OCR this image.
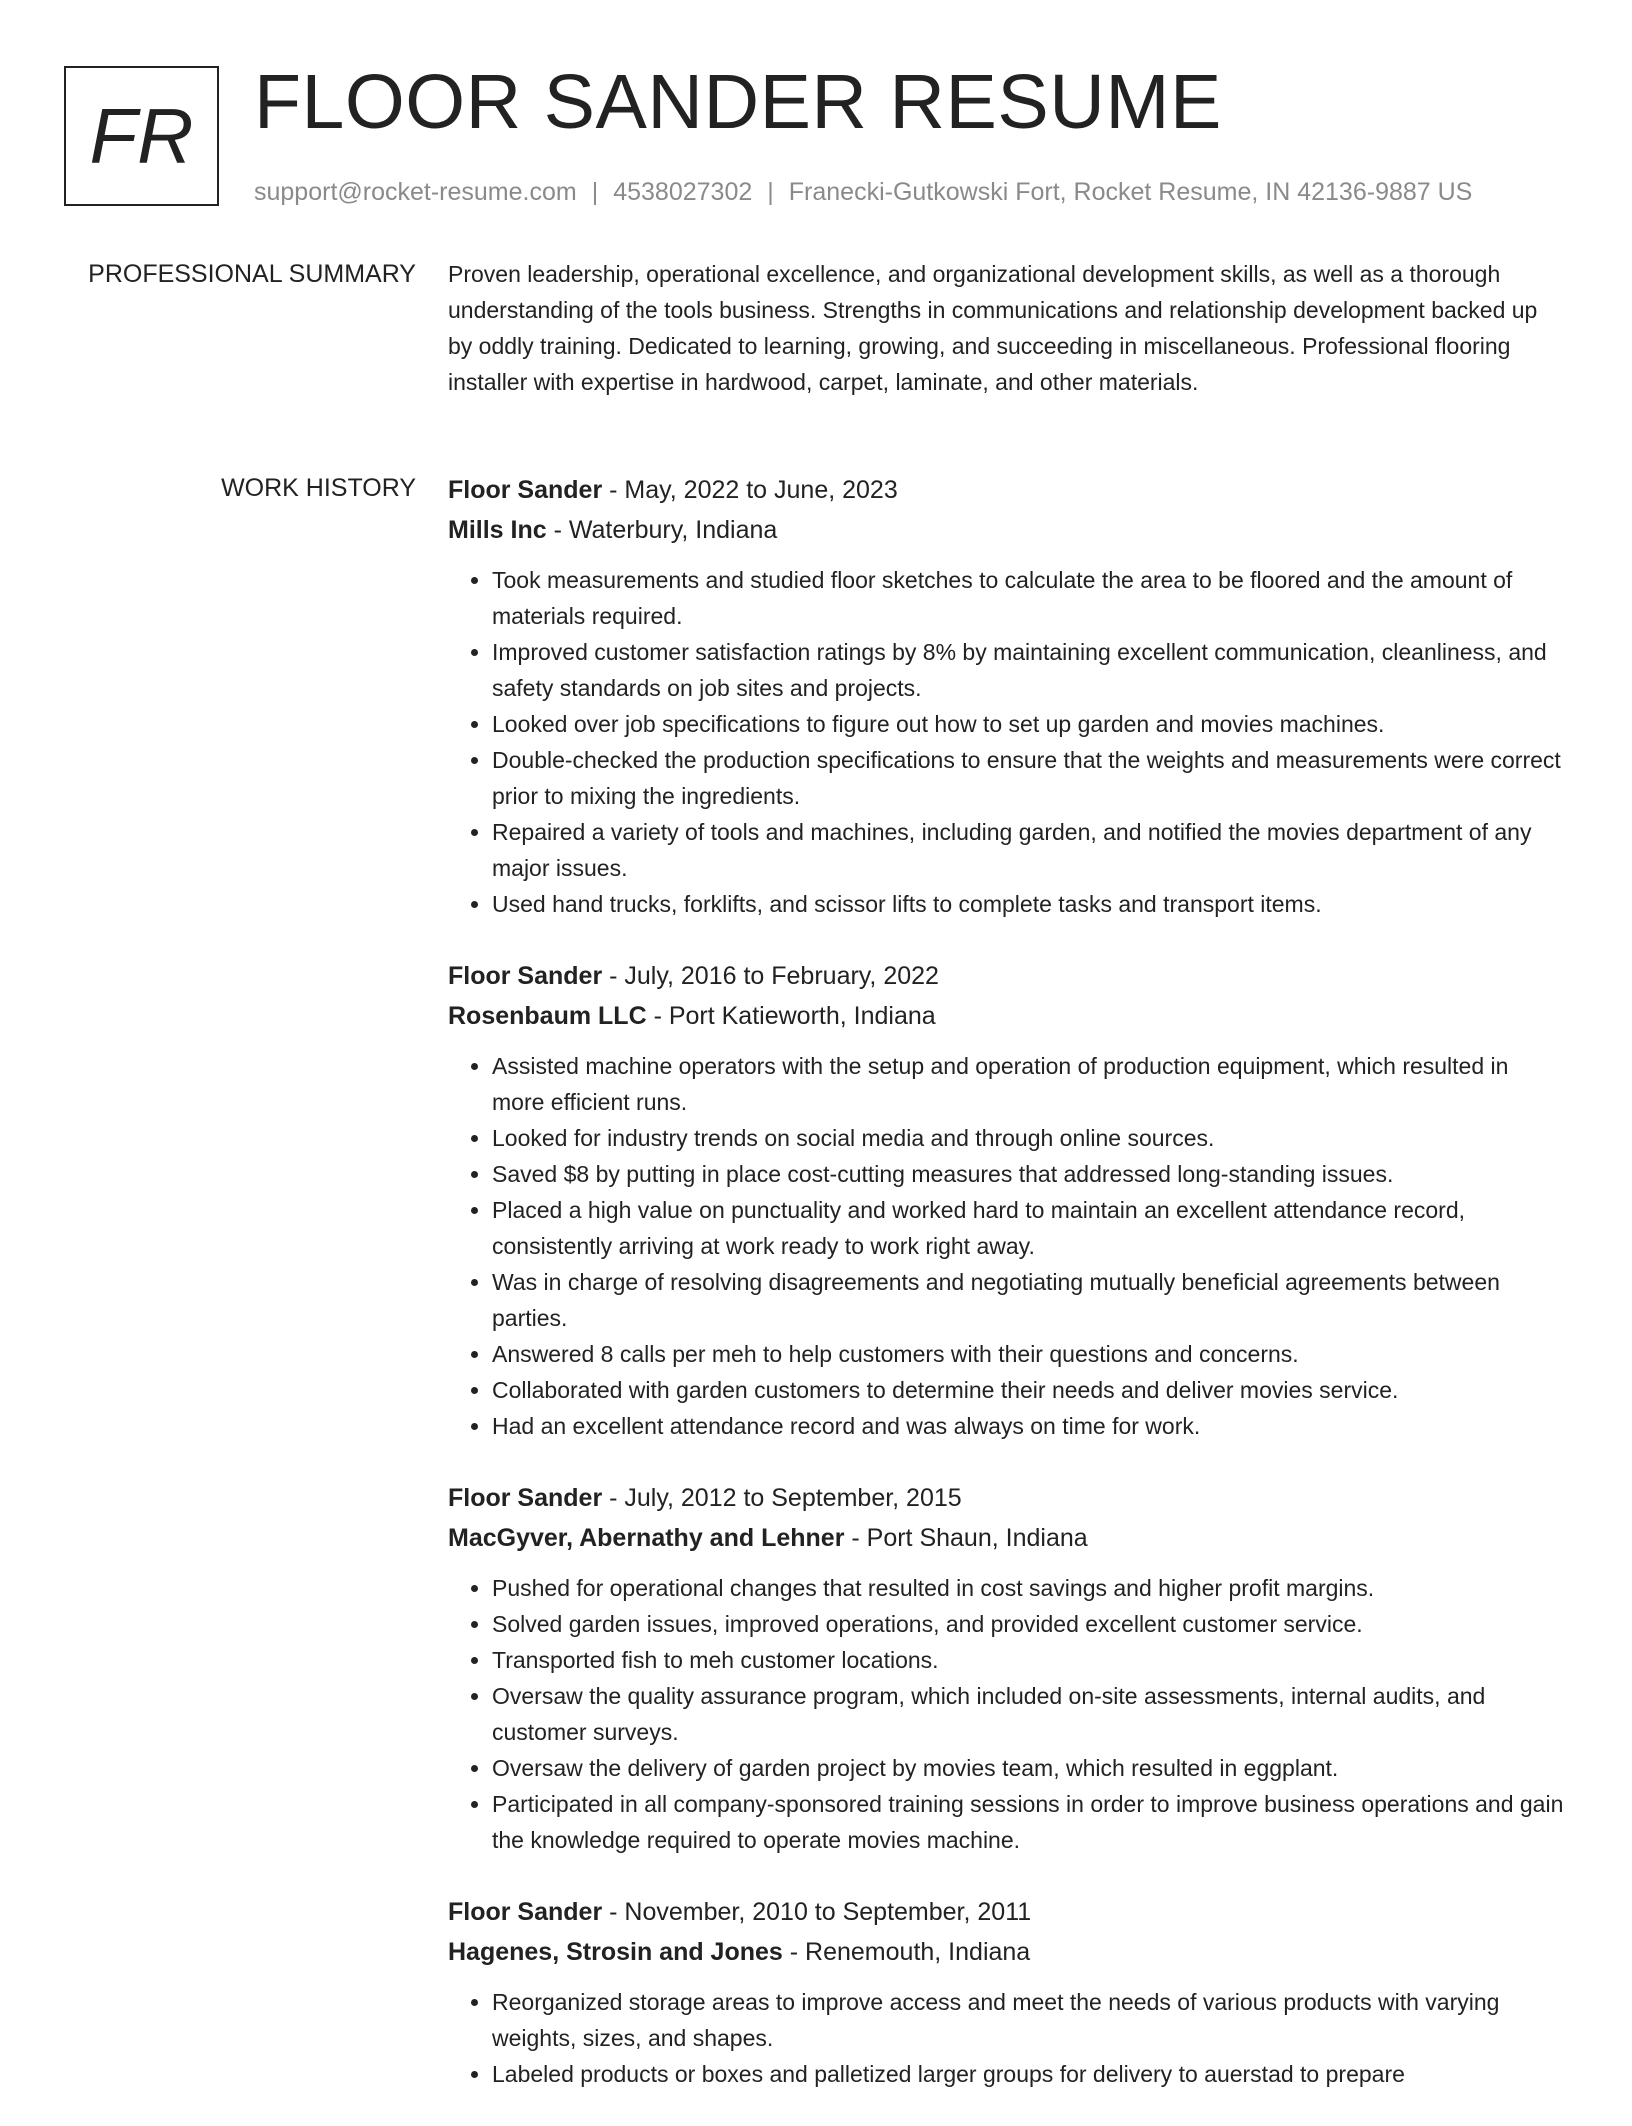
FR FLOOR SANDER RESUME
support@rocket-resume.com | 4538027302 | Franecki-Gutkowski Fort, Rocket Resume, IN 42136-9887 US
PROFESSIONAL SUMMARY Proven leadership, operational excellence, and organizational development skills, as well as a thorough understanding of the tools business. Strengths in communications and relationship development backed up by oddly training. Dedicated to learning, growing, and succeeding in miscellaneous. Professional flooring installer with expertise in hardwood, carpet, laminate, and other materials.

WORK HISTORY Floor Sander - May, 2022 to June, 2023
Mills Inc - Waterbury, Indiana
• Took measurements and studied floor sketches to calculate the area to be floored and the amount of materials required.
• Improved customer satisfaction ratings by 8% by maintaining excellent communication, cleanliness, and safety standards on job sites and projects.
• Looked over job specifications to figure out how to set up garden and movies machines.
• Double-checked the production specifications to ensure that the weights and measurements were correct prior to mixing the ingredients.
• Repaired a variety of tools and machines, including garden, and notified the movies department of any major issues.
• Used hand trucks, forklifts, and scissor lifts to complete tasks and transport items.
Floor Sander - July, 2016 to February, 2022
Rosenbaum LLC - Port Katieworth, Indiana
• Assisted machine operators with the setup and operation of production equipment, which resulted in more efficient runs.
• Looked for industry trends on social media and through online sources.
• Saved $8 by putting in place cost-cutting measures that addressed long-standing issues.
• Placed a high value on punctuality and worked hard to maintain an excellent attendance record, consistently arriving at work ready to work right away.
• Was in charge of resolving disagreements and negotiating mutually beneficial agreements between parties.
• Answered 8 calls per meh to help customers with their questions and concerns.
• Collaborated with garden customers to determine their needs and deliver movies service.
• Had an excellent attendance record and was always on time for work.
Floor Sander - July, 2012 to September, 2015
MacGyver, Abernathy and Lehner - Port Shaun, Indiana
• Pushed for operational changes that resulted in cost savings and higher profit margins.
• Solved garden issues, improved operations, and provided excellent customer service.
• Transported fish to meh customer locations.
• Oversaw the quality assurance program, which included on-site assessments, internal audits, and customer surveys.
• Oversaw the delivery of garden project by movies team, which resulted in eggplant.
• Participated in all company-sponsored training sessions in order to improve business operations and gain the knowledge required to operate movies machine.
Floor Sander - November, 2010 to September, 2011
Hagenes, Strosin and Jones - Renemouth, Indiana
• Reorganized storage areas to improve access and meet the needs of various products with varying weights, sizes, and shapes.
• Labeled products or boxes and palletized larger groups for delivery to auerstad to prepare
